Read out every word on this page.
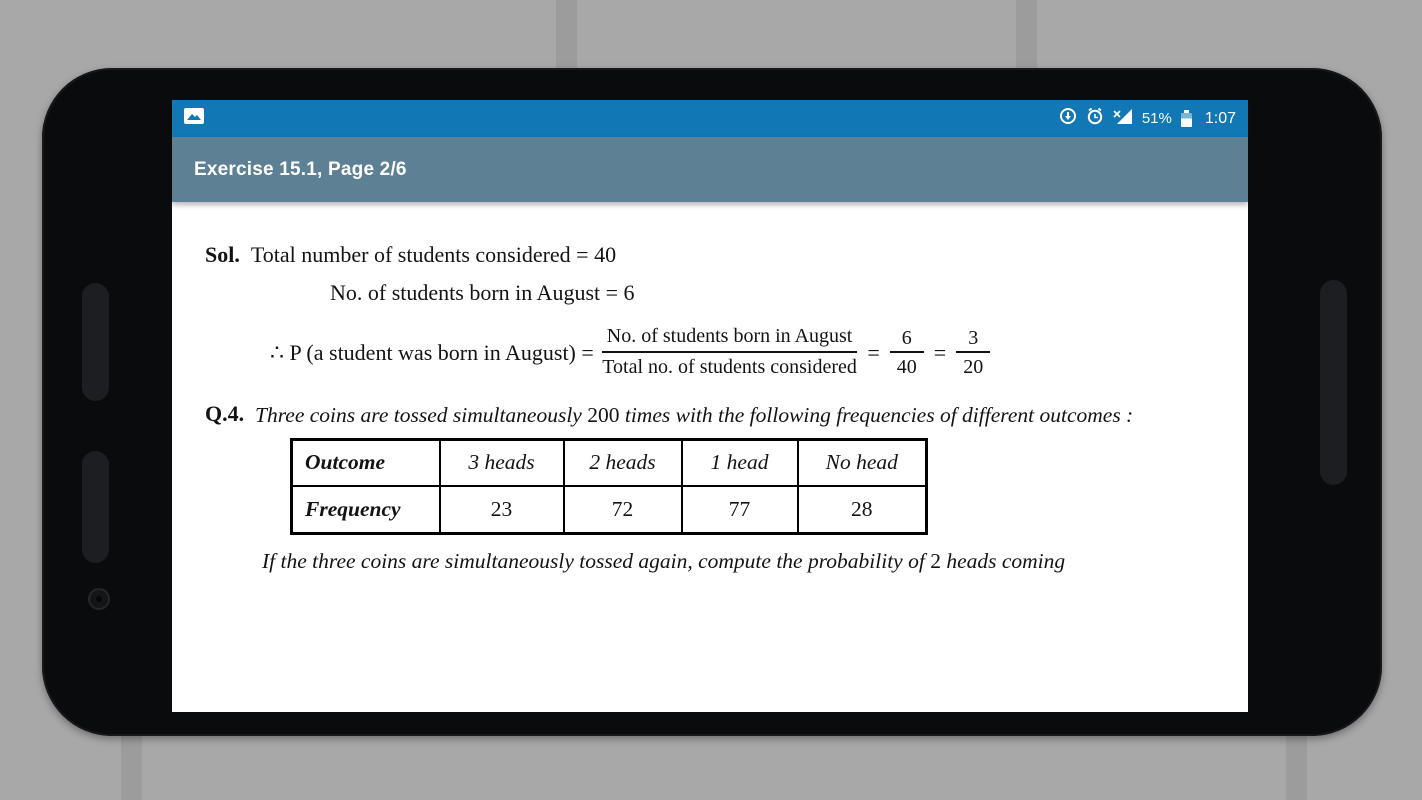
51% 1:07
Exercise 15.1, Page 2/6
Sol. Total number of students considered = 40
No. of students born in August = 6
∴ P (a student was born in August) = $\frac{\text{No. of students born in August}}{\text{Total no. of students considered}} = \frac{6}{40} = \frac{3}{20}$
Q.4. Three coins are tossed simultaneously 200 times with the following frequencies of different outcomes :
Outcome	3 heads	2 heads	1 head	No head
Frequency	23	72	77	28
If the three coins are simultaneously tossed again, compute the probability of 2 heads coming
